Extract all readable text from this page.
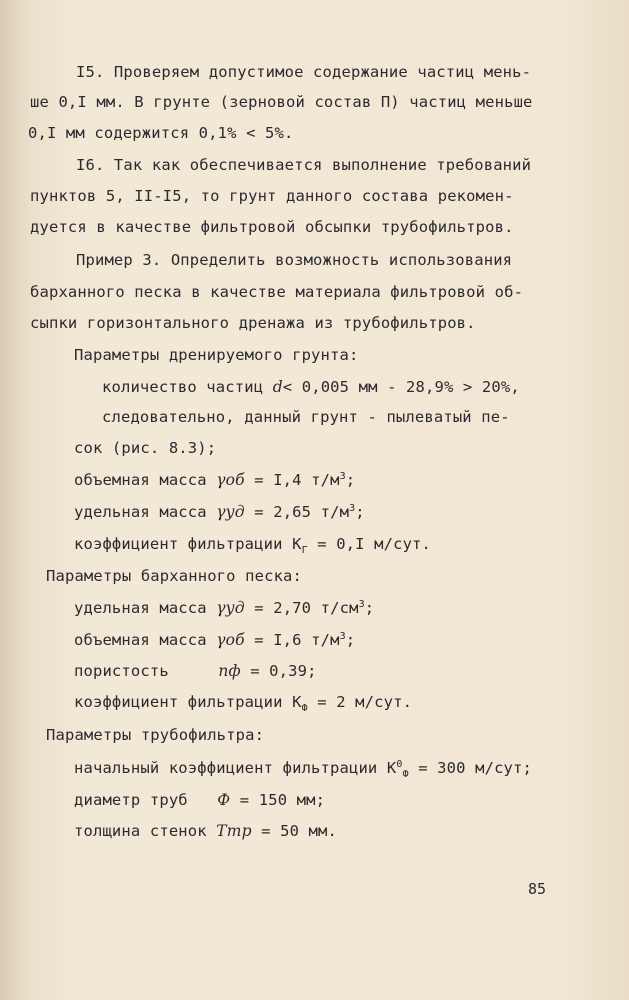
I5. Проверяем допустимое содержание частиц мень-
ше 0,I мм. В грунте (зерновой состав П) частиц меньше
0,I мм содержится 0,1% < 5%.
I6. Так как обеспечивается выполнение требований
пунктов 5, II-I5, то грунт данного состава рекомен-
дуется в качестве фильтровой обсыпки трубофильтров.
Пример 3. Определить возможность использования
барханного песка в качестве материала фильтровой об-
сыпки горизонтального дренажа из трубофильтров.
Параметры дренируемого грунта:
количество частиц d< 0,005 мм - 28,9% > 20%,
следовательно, данный грунт - пылеватый пе-
сок (рис. 8.3);
объемная масса γоб = I,4 $т/м^3$;
удельная масса γуд = 2,65 $т/м^3$;
коэффициент фильтрации $К_Г = 0,I$ м/сут.
Параметры барханного песка:
удельная масса γуд = 2,70 $т/см^3$;
объемная масса γоб = I,6 $т/м^3$;
пористость	nф = 0,39;
коэффициент фильтрации $К_Ф = 2$ м/сут.
Параметры трубофильтра:
начальный коэффициент фильтрации $К^0_Ф = 300$ м/сут;
диаметр труб Ф = 150 мм;
толщина стенок Tтр = 50 мм.
85
